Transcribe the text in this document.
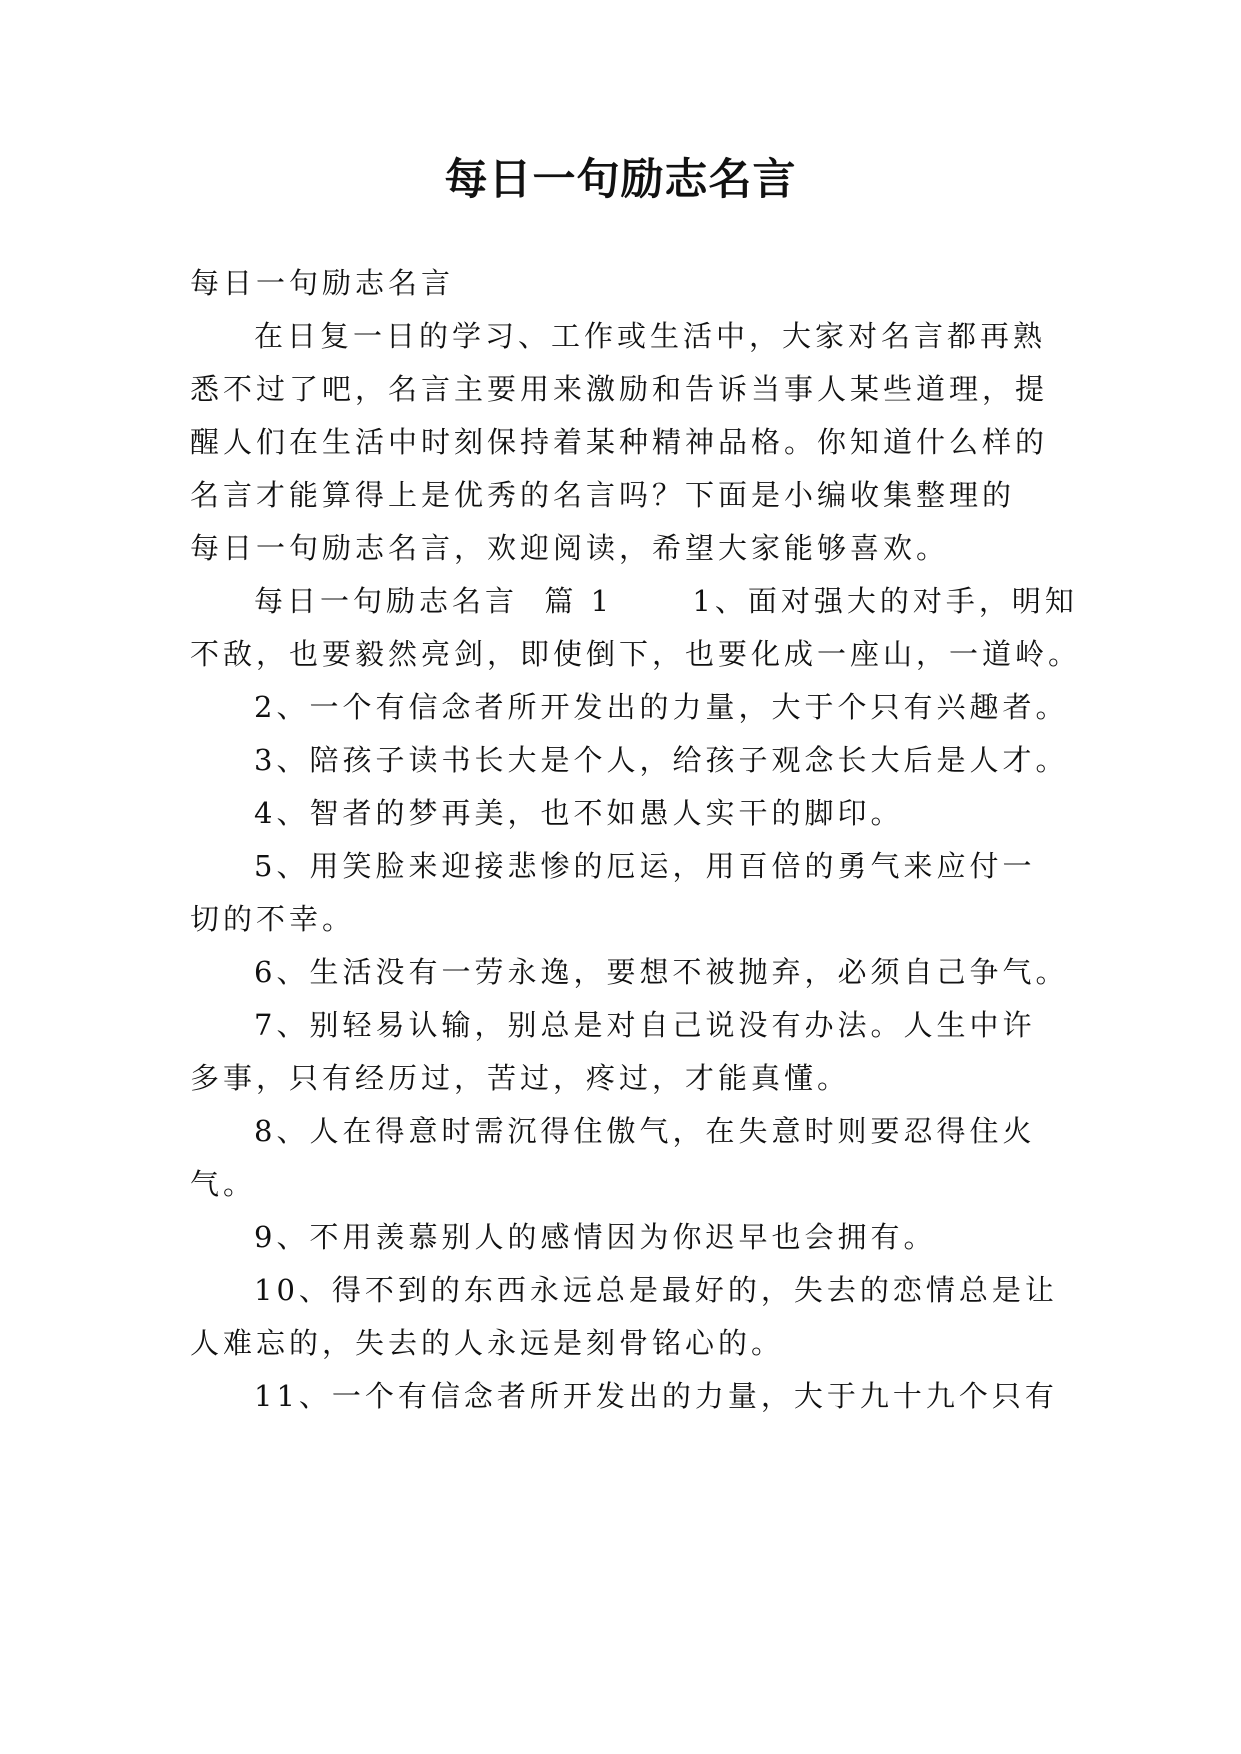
每日一句励志名言
每日一句励志名言
在日复一日的学习、工作或生活中，大家对名言都再熟
悉不过了吧，名言主要用来激励和告诉当事人某些道理，提
醒人们在生活中时刻保持着某种精神品格。你知道什么样的
名言才能算得上是优秀的名言吗？下面是小编收集整理的
每日一句励志名言，欢迎阅读，希望大家能够喜欢。
每日一句励志名言  篇 1      1、面对强大的对手，明知
不敌，也要毅然亮剑，即使倒下，也要化成一座山，一道岭。
2、一个有信念者所开发出的力量，大于个只有兴趣者。
3、陪孩子读书长大是个人，给孩子观念长大后是人才。
4、智者的梦再美，也不如愚人实干的脚印。
5、用笑脸来迎接悲惨的厄运，用百倍的勇气来应付一
切的不幸。
6、生活没有一劳永逸，要想不被抛弃，必须自己争气。
7、别轻易认输，别总是对自己说没有办法。人生中许
多事，只有经历过，苦过，疼过，才能真懂。
8、人在得意时需沉得住傲气，在失意时则要忍得住火
气。
9、不用羡慕别人的感情因为你迟早也会拥有。
10、得不到的东西永远总是最好的，失去的恋情总是让
人难忘的，失去的人永远是刻骨铭心的。
11、一个有信念者所开发出的力量，大于九十九个只有
